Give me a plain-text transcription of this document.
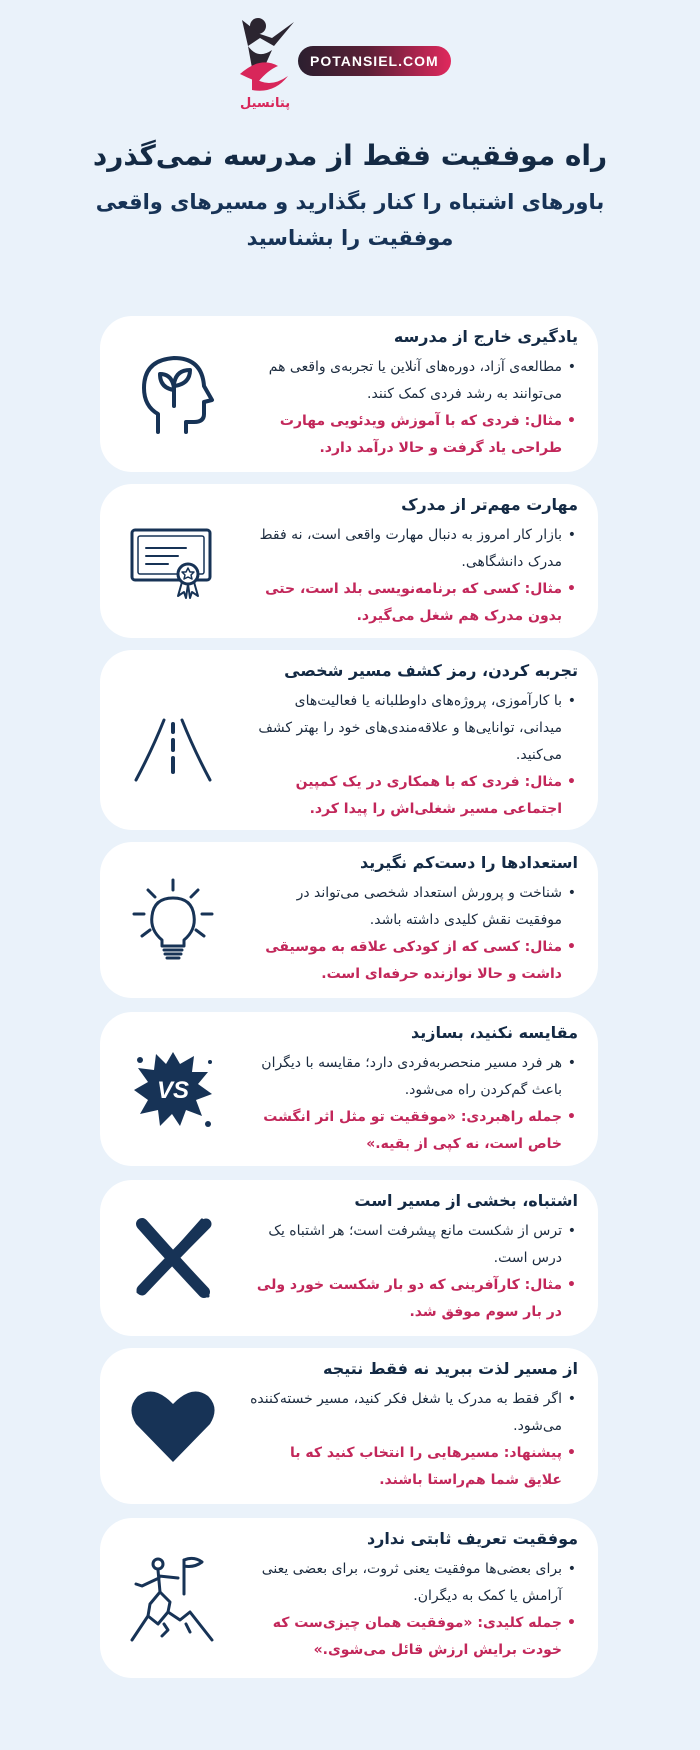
پتانسیل
POTANSIEL.COM
راه موفقیت فقط از مدرسه نمی‌گذرد
باورهای اشتباه را کنار بگذارید و مسیرهای واقعی موفقیت را بشناسید
یادگیری خارج از مدرسه
• مطالعه‌ی آزاد، دوره‌های آنلاین یا تجربه‌ی واقعی هم می‌توانند به رشد فردی کمک کنند.
• مثال: فردی که با آموزش ویدئویی مهارت طراحی یاد گرفت و حالا درآمد دارد.
مهارت مهم‌تر از مدرک
• بازار کار امروز به دنبال مهارت واقعی است، نه فقط مدرک دانشگاهی.
• مثال: کسی که برنامه‌نویسی بلد است، حتی بدون مدرک هم شغل می‌گیرد.
تجربه کردن، رمز کشف مسیر شخصی
• با کارآموزی، پروژه‌های داوطلبانه یا فعالیت‌های میدانی، توانایی‌ها و علاقه‌مندی‌های خود را بهتر کشف می‌کنید.
• مثال: فردی که با همکاری در یک کمپین اجتماعی مسیر شغلی‌اش را پیدا کرد.
استعدادها را دست‌کم نگیرید
• شناخت و پرورش استعداد شخصی می‌تواند در موفقیت نقش کلیدی داشته باشد.
• مثال: کسی که از کودکی علاقه به موسیقی داشت و حالا نوازنده حرفه‌ای است.
VS
مقایسه نکنید، بسازید
• هر فرد مسیر منحصربه‌فردی دارد؛ مقایسه با دیگران باعث گم‌کردن راه می‌شود.
• جمله راهبردی: «موفقیت تو مثل اثر انگشت خاص است، نه کپی از بقیه.»
اشتباه، بخشی از مسیر است
• ترس از شکست مانع پیشرفت است؛ هر اشتباه یک درس است.
• مثال: کارآفرینی که دو بار شکست خورد ولی در بار سوم موفق شد.
از مسیر لذت ببرید نه فقط نتیجه
• اگر فقط به مدرک یا شغل فکر کنید، مسیر خسته‌کننده می‌شود.
• پیشنهاد: مسیرهایی را انتخاب کنید که با علایق شما هم‌راستا باشند.
موفقیت تعریف ثابتی ندارد
• برای بعضی‌ها موفقیت یعنی ثروت، برای بعضی یعنی آرامش یا کمک به دیگران.
• جمله کلیدی: «موفقیت همان چیزی‌ست که خودت برایش ارزش قائل می‌شوی.»
